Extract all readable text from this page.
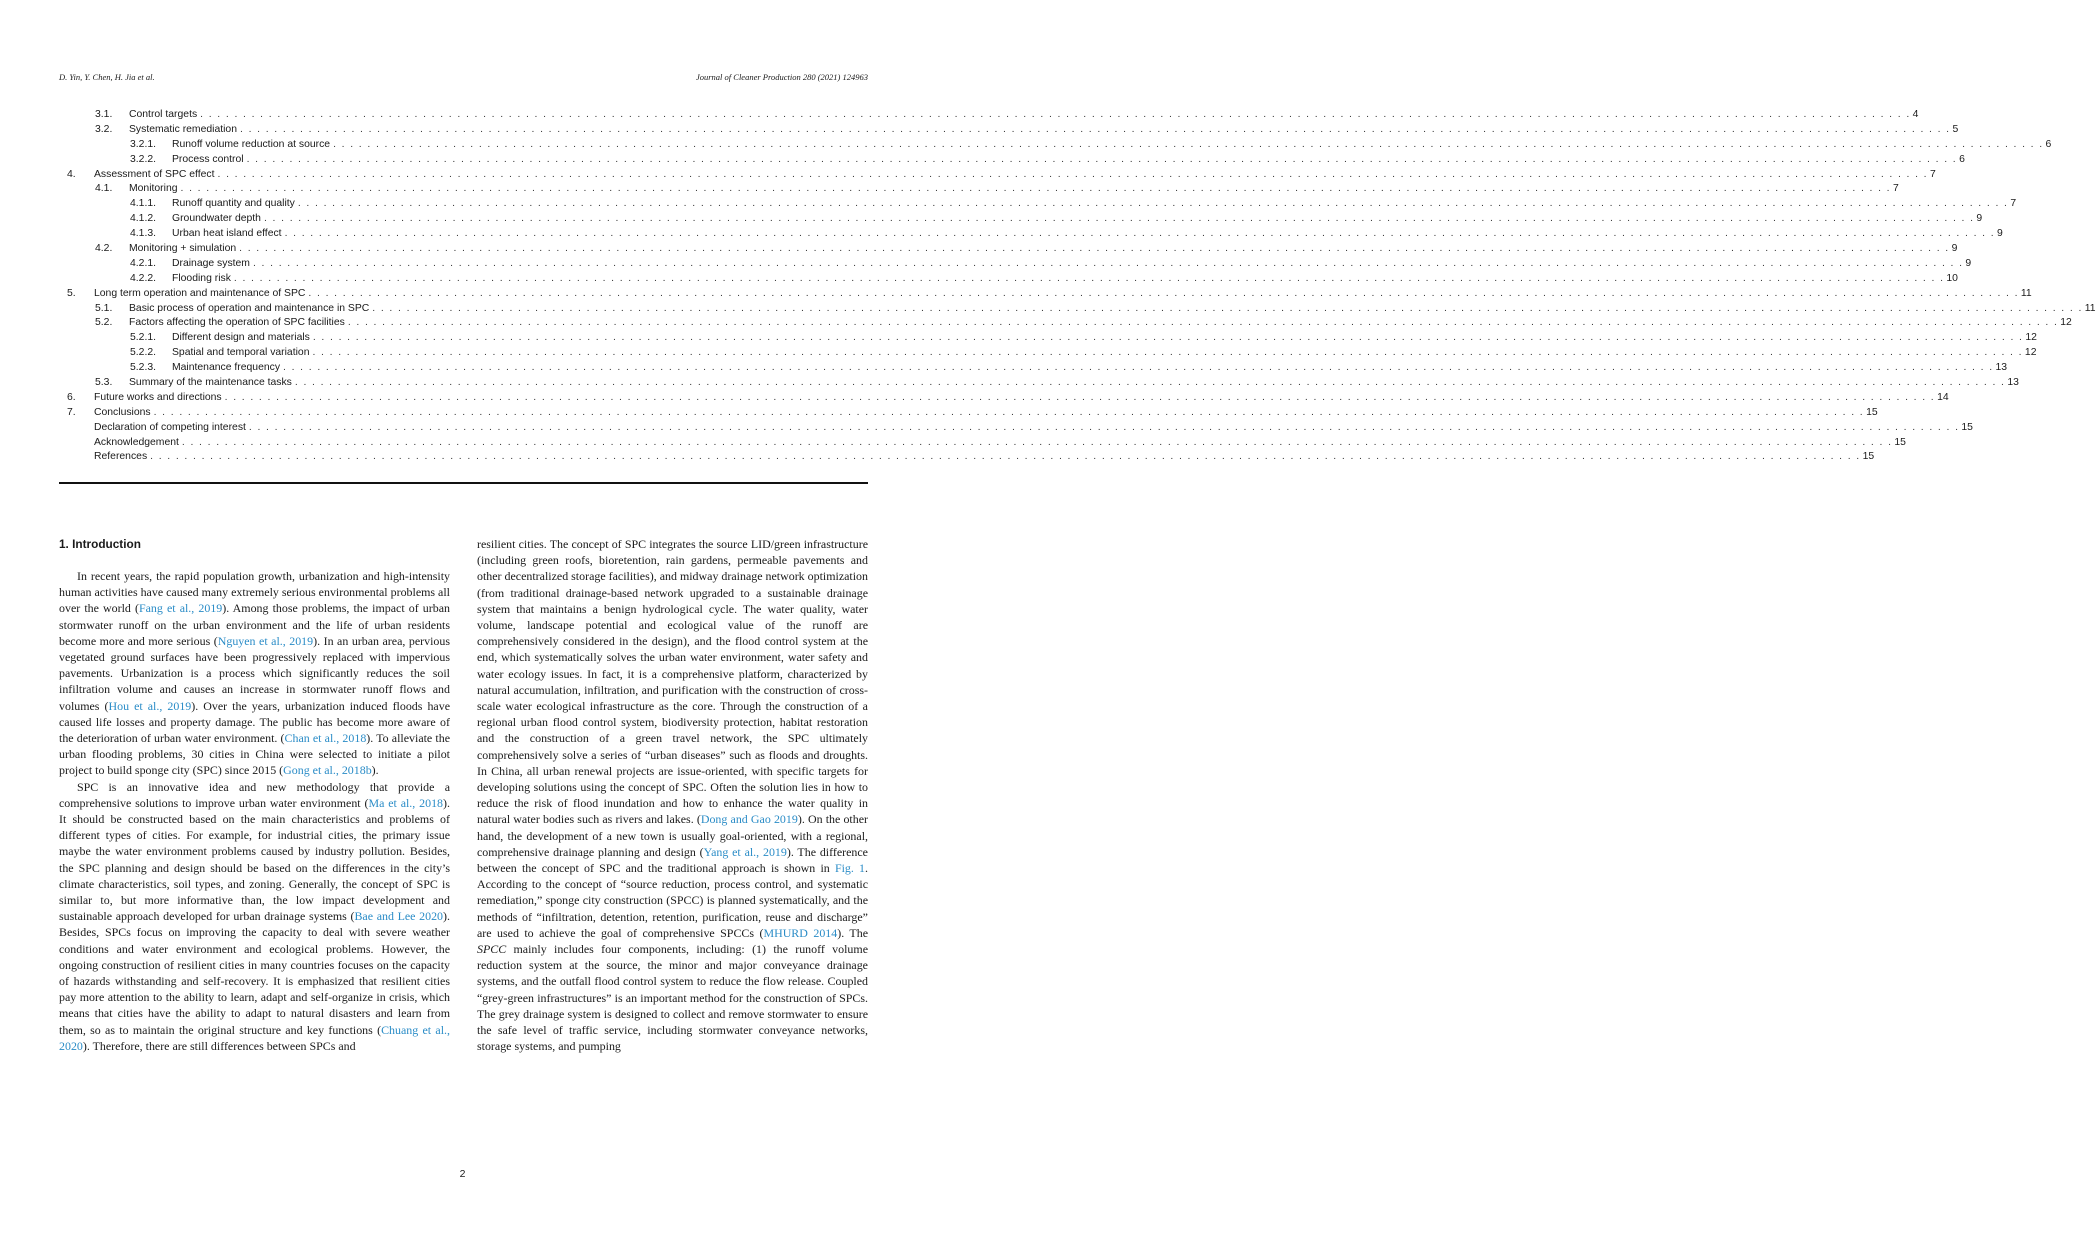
D. Yin, Y. Chen, H. Jia et al.	Journal of Cleaner Production 280 (2021) 124963
3.1. Control targets . . . . . . . . . . . . . . . . . . . . . . . . . . . . . . . . . . . . . . . . . . . . . . . . . . . . . . . . . . . . . . . . . . . . . . . . . . . . . . . . . . . . . . . . . . . . . . . . . . . . . . . . . . . . . . . . . . . . . . . . . . . . . . . . . . . . . . . . . . . . . . . . . . . . . . . . . . . . . . . . . . . . . . . . . . . . . . . . . . . . . . . . . . . . . . . . . . . . . . . . 4
3.2. Systematic remediation . . . . . . . . . . . . . . . . . . . . . . . . . . . . . . . . . . . . . . . . . . . . . . . . . . . . . . . . . . . . . . . . . . . . . . . . . . . . . . . . . . . . . . . . . . . . . . . . . . . . . . . . . . . . . . . . . . . . . . . . . . . . . . . . . . . . . . . . . . . . . . . . . . . . . . . . . . . . . . . . . . . . . . . . . . . . . . . . . . . . . . . . . . . . . . . . . . . . . . . . 5
3.2.1. Runoff volume reduction at source . . . . . . . . . . . . . . . . . . . . . . . . . . . . . . . . . . . . . . . . . . . . . . . . . . . . . . . . . . . . . . . . . . . . . . . . . . . . . . . . . . . . . . . . . . . . . . . . . . . . . . . . . . . . . . . . . . . . . . . . . . . . . . . . . . . . . . . . . . . . . . . . . . . . . . . . . . . . . . . . . . . . . . . . . . . . . . . . . . . . . . . . . . . . . . . . . . . . . . . . 6
3.2.2. Process control . . . . . . . . . . . . . . . . . . . . . . . . . . . . . . . . . . . . . . . . . . . . . . . . . . . . . . . . . . . . . . . . . . . . . . . . . . . . . . . . . . . . . . . . . . . . . . . . . . . . . . . . . . . . . . . . . . . . . . . . . . . . . . . . . . . . . . . . . . . . . . . . . . . . . . . . . . . . . . . . . . . . . . . . . . . . . . . . . . . . . . . . . . . . . . . . . . . . . . . . 6
4. Assessment of SPC effect . . . . . . . . . . . . . . . . . . . . . . . . . . . . . . . . . . . . . . . . . . . . . . . . . . . . . . . . . . . . . . . . . . . . . . . . . . . . . . . . . . . . . . . . . . . . . . . . . . . . . . . . . . . . . . . . . . . . . . . . . . . . . . . . . . . . . . . . . . . . . . . . . . . . . . . . . . . . . . . . . . . . . . . . . . . . . . . . . . . . . . . . . . . . . . . . . . . . . . . . 7
4.1. Monitoring . . . . . . . . . . . . . . . . . . . . . . . . . . . . . . . . . . . . . . . . . . . . . . . . . . . . . . . . . . . . . . . . . . . . . . . . . . . . . . . . . . . . . . . . . . . . . . . . . . . . . . . . . . . . . . . . . . . . . . . . . . . . . . . . . . . . . . . . . . . . . . . . . . . . . . . . . . . . . . . . . . . . . . . . . . . . . . . . . . . . . . . . . . . . . . . . . . . . . . . . 7
4.1.1. Runoff quantity and quality . . . . . . . . . . . . . . . . . . . . . . . . . . . . . . . . . . . . . . . . . . . . . . . . . . . . . . . . . . . . . . . . . . . . . . . . . . . . . . . . . . . . . . . . . . . . . . . . . . . . . . . . . . . . . . . . . . . . . . . . . . . . . . . . . . . . . . . . . . . . . . . . . . . . . . . . . . . . . . . . . . . . . . . . . . . . . . . . . . . . . . . . . . . . . . . . . . . . . . . . 7
4.1.2. Groundwater depth . . . . . . . . . . . . . . . . . . . . . . . . . . . . . . . . . . . . . . . . . . . . . . . . . . . . . . . . . . . . . . . . . . . . . . . . . . . . . . . . . . . . . . . . . . . . . . . . . . . . . . . . . . . . . . . . . . . . . . . . . . . . . . . . . . . . . . . . . . . . . . . . . . . . . . . . . . . . . . . . . . . . . . . . . . . . . . . . . . . . . . . . . . . . . . . . . . . . . . . . 9
4.1.3. Urban heat island effect . . . . . . . . . . . . . . . . . . . . . . . . . . . . . . . . . . . . . . . . . . . . . . . . . . . . . . . . . . . . . . . . . . . . . . . . . . . . . . . . . . . . . . . . . . . . . . . . . . . . . . . . . . . . . . . . . . . . . . . . . . . . . . . . . . . . . . . . . . . . . . . . . . . . . . . . . . . . . . . . . . . . . . . . . . . . . . . . . . . . . . . . . . . . . . . . . . . . . . . . 9
4.2. Monitoring + simulation . . . . . . . . . . . . . . . . . . . . . . . . . . . . . . . . . . . . . . . . . . . . . . . . . . . . . . . . . . . . . . . . . . . . . . . . . . . . . . . . . . . . . . . . . . . . . . . . . . . . . . . . . . . . . . . . . . . . . . . . . . . . . . . . . . . . . . . . . . . . . . . . . . . . . . . . . . . . . . . . . . . . . . . . . . . . . . . . . . . . . . . . . . . . . . . . . . . . . . . . 9
4.2.1. Drainage system . . . . . . . . . . . . . . . . . . . . . . . . . . . . . . . . . . . . . . . . . . . . . . . . . . . . . . . . . . . . . . . . . . . . . . . . . . . . . . . . . . . . . . . . . . . . . . . . . . . . . . . . . . . . . . . . . . . . . . . . . . . . . . . . . . . . . . . . . . . . . . . . . . . . . . . . . . . . . . . . . . . . . . . . . . . . . . . . . . . . . . . . . . . . . . . . . . . . . . . . 9
4.2.2. Flooding risk . . . . . . . . . . . . . . . . . . . . . . . . . . . . . . . . . . . . . . . . . . . . . . . . . . . . . . . . . . . . . . . . . . . . . . . . . . . . . . . . . . . . . . . . . . . . . . . . . . . . . . . . . . . . . . . . . . . . . . . . . . . . . . . . . . . . . . . . . . . . . . . . . . . . . . . . . . . . . . . . . . . . . . . . . . . . . . . . . . . . . . . . . . . . . . . . . . . . . . . . 10
5. Long term operation and maintenance of SPC . . . . . . . . . . . . . . . . . . . . . . . . . . . . . . . . . . . . . . . . . . . . . . . . . . . . . . . . . . . . . . . . . . . . . . . . . . . . . . . . . . . . . . . . . . . . . . . . . . . . . . . . . . . . . . . . . . . . . . . . . . . . . . . . . . . . . . . . . . . . . . . . . . . . . . . . . . . . . . . . . . . . . . . . . . . . . . . . . . . . . . . . . . . . . . . . . . . . . . . . 11
5.1. Basic process of operation and maintenance in SPC . . . . . . . . . . . . . . . . . . . . . . . . . . . . . . . . . . . . . . . . . . . . . . . . . . . . . . . . . . . . . . . . . . . . . . . . . . . . . . . . . . . . . . . . . . . . . . . . . . . . . . . . . . . . . . . . . . . . . . . . . . . . . . . . . . . . . . . . . . . . . . . . . . . . . . . . . . . . . . . . . . . . . . . . . . . . . . . . . . . . . . . . . . . . . . . . . . . . . . . . 11
5.2. Factors affecting the operation of SPC facilities . . . . . . . . . . . . . . . . . . . . . . . . . . . . . . . . . . . . . . . . . . . . . . . . . . . . . . . . . . . . . . . . . . . . . . . . . . . . . . . . . . . . . . . . . . . . . . . . . . . . . . . . . . . . . . . . . . . . . . . . . . . . . . . . . . . . . . . . . . . . . . . . . . . . . . . . . . . . . . . . . . . . . . . . . . . . . . . . . . . . . . . . . . . . . . . . . . . . . . . . 12
5.2.1. Different design and materials . . . . . . . . . . . . . . . . . . . . . . . . . . . . . . . . . . . . . . . . . . . . . . . . . . . . . . . . . . . . . . . . . . . . . . . . . . . . . . . . . . . . . . . . . . . . . . . . . . . . . . . . . . . . . . . . . . . . . . . . . . . . . . . . . . . . . . . . . . . . . . . . . . . . . . . . . . . . . . . . . . . . . . . . . . . . . . . . . . . . . . . . . . . . . . . . . . . . . . . . 12
5.2.2. Spatial and temporal variation . . . . . . . . . . . . . . . . . . . . . . . . . . . . . . . . . . . . . . . . . . . . . . . . . . . . . . . . . . . . . . . . . . . . . . . . . . . . . . . . . . . . . . . . . . . . . . . . . . . . . . . . . . . . . . . . . . . . . . . . . . . . . . . . . . . . . . . . . . . . . . . . . . . . . . . . . . . . . . . . . . . . . . . . . . . . . . . . . . . . . . . . . . . . . . . . . . . . . . . . 12
5.2.3. Maintenance frequency . . . . . . . . . . . . . . . . . . . . . . . . . . . . . . . . . . . . . . . . . . . . . . . . . . . . . . . . . . . . . . . . . . . . . . . . . . . . . . . . . . . . . . . . . . . . . . . . . . . . . . . . . . . . . . . . . . . . . . . . . . . . . . . . . . . . . . . . . . . . . . . . . . . . . . . . . . . . . . . . . . . . . . . . . . . . . . . . . . . . . . . . . . . . . . . . . . . . . . . . 13
5.3. Summary of the maintenance tasks . . . . . . . . . . . . . . . . . . . . . . . . . . . . . . . . . . . . . . . . . . . . . . . . . . . . . . . . . . . . . . . . . . . . . . . . . . . . . . . . . . . . . . . . . . . . . . . . . . . . . . . . . . . . . . . . . . . . . . . . . . . . . . . . . . . . . . . . . . . . . . . . . . . . . . . . . . . . . . . . . . . . . . . . . . . . . . . . . . . . . . . . . . . . . . . . . . . . . . . . 13
6. Future works and directions . . . . . . . . . . . . . . . . . . . . . . . . . . . . . . . . . . . . . . . . . . . . . . . . . . . . . . . . . . . . . . . . . . . . . . . . . . . . . . . . . . . . . . . . . . . . . . . . . . . . . . . . . . . . . . . . . . . . . . . . . . . . . . . . . . . . . . . . . . . . . . . . . . . . . . . . . . . . . . . . . . . . . . . . . . . . . . . . . . . . . . . . . . . . . . . . . . . . . . . . 14
7. Conclusions . . . . . . . . . . . . . . . . . . . . . . . . . . . . . . . . . . . . . . . . . . . . . . . . . . . . . . . . . . . . . . . . . . . . . . . . . . . . . . . . . . . . . . . . . . . . . . . . . . . . . . . . . . . . . . . . . . . . . . . . . . . . . . . . . . . . . . . . . . . . . . . . . . . . . . . . . . . . . . . . . . . . . . . . . . . . . . . . . . . . . . . . . . . . . . . . . . . . . . . . 15
Declaration of competing interest . . . . . . . . . . . . . . . . . . . . . . . . . . . . . . . . . . . . . . . . . . . . . . . . . . . . . . . . . . . . . . . . . . . . . . . . . . . . . . . . . . . . . . . . . . . . . . . . . . . . . . . . . . . . . . . . . . . . . . . . . . . . . . . . . . . . . . . . . . . . . . . . . . . . . . . . . . . . . . . . . . . . . . . . . . . . . . . . . . . . . . . . . . . . . . . . . . . . . . . . 15
Acknowledgement . . . . . . . . . . . . . . . . . . . . . . . . . . . . . . . . . . . . . . . . . . . . . . . . . . . . . . . . . . . . . . . . . . . . . . . . . . . . . . . . . . . . . . . . . . . . . . . . . . . . . . . . . . . . . . . . . . . . . . . . . . . . . . . . . . . . . . . . . . . . . . . . . . . . . . . . . . . . . . . . . . . . . . . . . . . . . . . . . . . . . . . . . . . . . . . . . . . . . . . . 15
References . . . . . . . . . . . . . . . . . . . . . . . . . . . . . . . . . . . . . . . . . . . . . . . . . . . . . . . . . . . . . . . . . . . . . . . . . . . . . . . . . . . . . . . . . . . . . . . . . . . . . . . . . . . . . . . . . . . . . . . . . . . . . . . . . . . . . . . . . . . . . . . . . . . . . . . . . . . . . . . . . . . . . . . . . . . . . . . . . . . . . . . . . . . . . . . . . . . . . . . . 15
1. Introduction

In recent years, the rapid population growth, urbanization and high-intensity human activities have caused many extremely serious environmental problems all over the world (Fang et al., 2019). Among those problems, the impact of urban stormwater runoff on the urban environment and the life of urban residents become more and more serious (Nguyen et al., 2019). In an urban area, pervious vegetated ground surfaces have been progressively replaced with impervious pavements. Urbanization is a process which significantly reduces the soil infiltration volume and causes an increase in stormwater runoff flows and volumes (Hou et al., 2019). Over the years, urbanization induced floods have caused life losses and property damage. The public has become more aware of the deterioration of urban water environment. (Chan et al., 2018). To alleviate the urban flooding problems, 30 cities in China were selected to initiate a pilot project to build sponge city (SPC) since 2015 (Gong et al., 2018b).

SPC is an innovative idea and new methodology that provide a comprehensive solutions to improve urban water environment (Ma et al., 2018). It should be constructed based on the main characteristics and problems of different types of cities. For example, for industrial cities, the primary issue maybe the water environment problems caused by industry pollution. Besides, the SPC planning and design should be based on the differences in the city’s climate characteristics, soil types, and zoning. Generally, the concept of SPC is similar to, but more informative than, the low impact development and sustainable approach developed for urban drainage systems (Bae and Lee 2020). Besides, SPCs focus on improving the capacity to deal with severe weather conditions and water environment and ecological problems. However, the ongoing construction of resilient cities in many countries focuses on the capacity of hazards withstanding and self-recovery. It is emphasized that resilient cities pay more attention to the ability to learn, adapt and self-organize in crisis, which means that cities have the ability to adapt to natural disasters and learn from them, so as to maintain the original structure and key functions (Chuang et al., 2020). Therefore, there are still differences between SPCs and

resilient cities. The concept of SPC integrates the source LID/green infrastructure (including green roofs, bioretention, rain gardens, permeable pavements and other decentralized storage facilities), and midway drainage network optimization (from traditional drainage-based network upgraded to a sustainable drainage system that maintains a benign hydrological cycle. The water quality, water volume, landscape potential and ecological value of the runoff are comprehensively considered in the design), and the flood control system at the end, which systematically solves the urban water environment, water safety and water ecology issues. In fact, it is a comprehensive platform, characterized by natural accumulation, infiltration, and purification with the construction of cross-scale water ecological infrastructure as the core. Through the construction of a regional urban flood control system, biodiversity protection, habitat restoration and the construction of a green travel network, the SPC ultimately comprehensively solve a series of “urban diseases” such as floods and droughts. In China, all urban renewal projects are issue-oriented, with specific targets for developing solutions using the concept of SPC. Often the solution lies in how to reduce the risk of flood inundation and how to enhance the water quality in natural water bodies such as rivers and lakes. (Dong and Gao 2019). On the other hand, the development of a new town is usually goal-oriented, with a regional, comprehensive drainage planning and design (Yang et al., 2019). The difference between the concept of SPC and the traditional approach is shown in Fig. 1. According to the concept of “source reduction, process control, and systematic remediation,” sponge city construction (SPCC) is planned systematically, and the methods of “infiltration, detention, retention, purification, reuse and discharge” are used to achieve the goal of comprehensive SPCCs (MHURD 2014). The SPCC mainly includes four components, including: (1) the runoff volume reduction system at the source, the minor and major conveyance drainage systems, and the outfall flood control system to reduce the flow release. Coupled “grey-green infrastructures” is an important method for the construction of SPCs. The grey drainage system is designed to collect and remove stormwater to ensure the safe level of traffic service, including stormwater conveyance networks, storage systems, and pumping

2
